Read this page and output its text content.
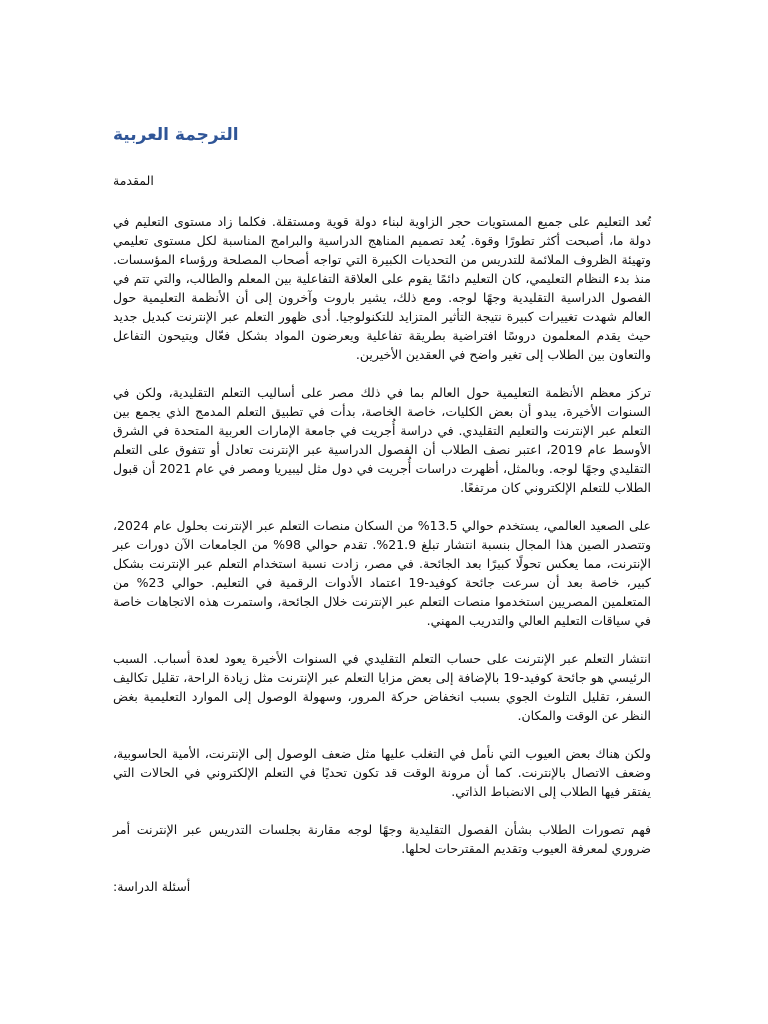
الترجمة العربية
المقدمة

تُعد التعليم على جميع المستويات حجر الزاوية لبناء دولة قوية ومستقلة. فكلما زاد مستوى التعليم في دولة ما، أصبحت أكثر تطورًا وقوة. يُعد تصميم المناهج الدراسية والبرامج المناسبة لكل مستوى تعليمي وتهيئة الظروف الملائمة للتدريس من التحديات الكبيرة التي تواجه أصحاب المصلحة ورؤساء المؤسسات. منذ بدء النظام التعليمي، كان التعليم دائمًا يقوم على العلاقة التفاعلية بين المعلم والطالب، والتي تتم في الفصول الدراسية التقليدية وجهًا لوجه. ومع ذلك، يشير باروت وآخرون إلى أن الأنظمة التعليمية حول العالم شهدت تغييرات كبيرة نتيجة التأثير المتزايد للتكنولوجيا. أدى ظهور التعلم عبر الإنترنت كبديل جديد حيث يقدم المعلمون دروسًا افتراضية بطريقة تفاعلية ويعرضون المواد بشكل فعّال ويتيحون التفاعل والتعاون بين الطلاب إلى تغير واضح في العقدين الأخيرين.

تركز معظم الأنظمة التعليمية حول العالم بما في ذلك مصر على أساليب التعلم التقليدية، ولكن في السنوات الأخيرة، يبدو أن بعض الكليات، خاصة الخاصة، بدأت في تطبيق التعلم المدمج الذي يجمع بين التعلم عبر الإنترنت والتعليم التقليدي. في دراسة أُجريت في جامعة الإمارات العربية المتحدة في الشرق الأوسط عام 2019، اعتبر نصف الطلاب أن الفصول الدراسية عبر الإنترنت تعادل أو تتفوق على التعلم التقليدي وجهًا لوجه. وبالمثل، أظهرت دراسات أُجريت في دول مثل ليبيريا ومصر في عام 2021 أن قبول الطلاب للتعلم الإلكتروني كان مرتفعًا.

على الصعيد العالمي، يستخدم حوالي 13.5% من السكان منصات التعلم عبر الإنترنت بحلول عام 2024، وتتصدر الصين هذا المجال بنسبة انتشار تبلغ 21.9%. تقدم حوالي 98% من الجامعات الآن دورات عبر الإنترنت، مما يعكس تحولًا كبيرًا بعد الجائحة. في مصر، زادت نسبة استخدام التعلم عبر الإنترنت بشكل كبير، خاصة بعد أن سرعت جائحة كوفيد-19 اعتماد الأدوات الرقمية في التعليم. حوالي 23% من المتعلمين المصريين استخدموا منصات التعلم عبر الإنترنت خلال الجائحة، واستمرت هذه الاتجاهات خاصة في سياقات التعليم العالي والتدريب المهني.

انتشار التعلم عبر الإنترنت على حساب التعلم التقليدي في السنوات الأخيرة يعود لعدة أسباب. السبب الرئيسي هو جائحة كوفيد-19 بالإضافة إلى بعض مزايا التعلم عبر الإنترنت مثل زيادة الراحة، تقليل تكاليف السفر، تقليل التلوث الجوي بسبب انخفاض حركة المرور، وسهولة الوصول إلى الموارد التعليمية بغض النظر عن الوقت والمكان.

ولكن هناك بعض العيوب التي نأمل في التغلب عليها مثل ضعف الوصول إلى الإنترنت، الأمية الحاسوبية، وضعف الاتصال بالإنترنت. كما أن مرونة الوقت قد تكون تحديًا في التعلم الإلكتروني في الحالات التي يفتقر فيها الطلاب إلى الانضباط الذاتي.

فهم تصورات الطلاب بشأن الفصول التقليدية وجهًا لوجه مقارنة بجلسات التدريس عبر الإنترنت أمر ضروري لمعرفة العيوب وتقديم المقترحات لحلها.

أسئلة الدراسة:
